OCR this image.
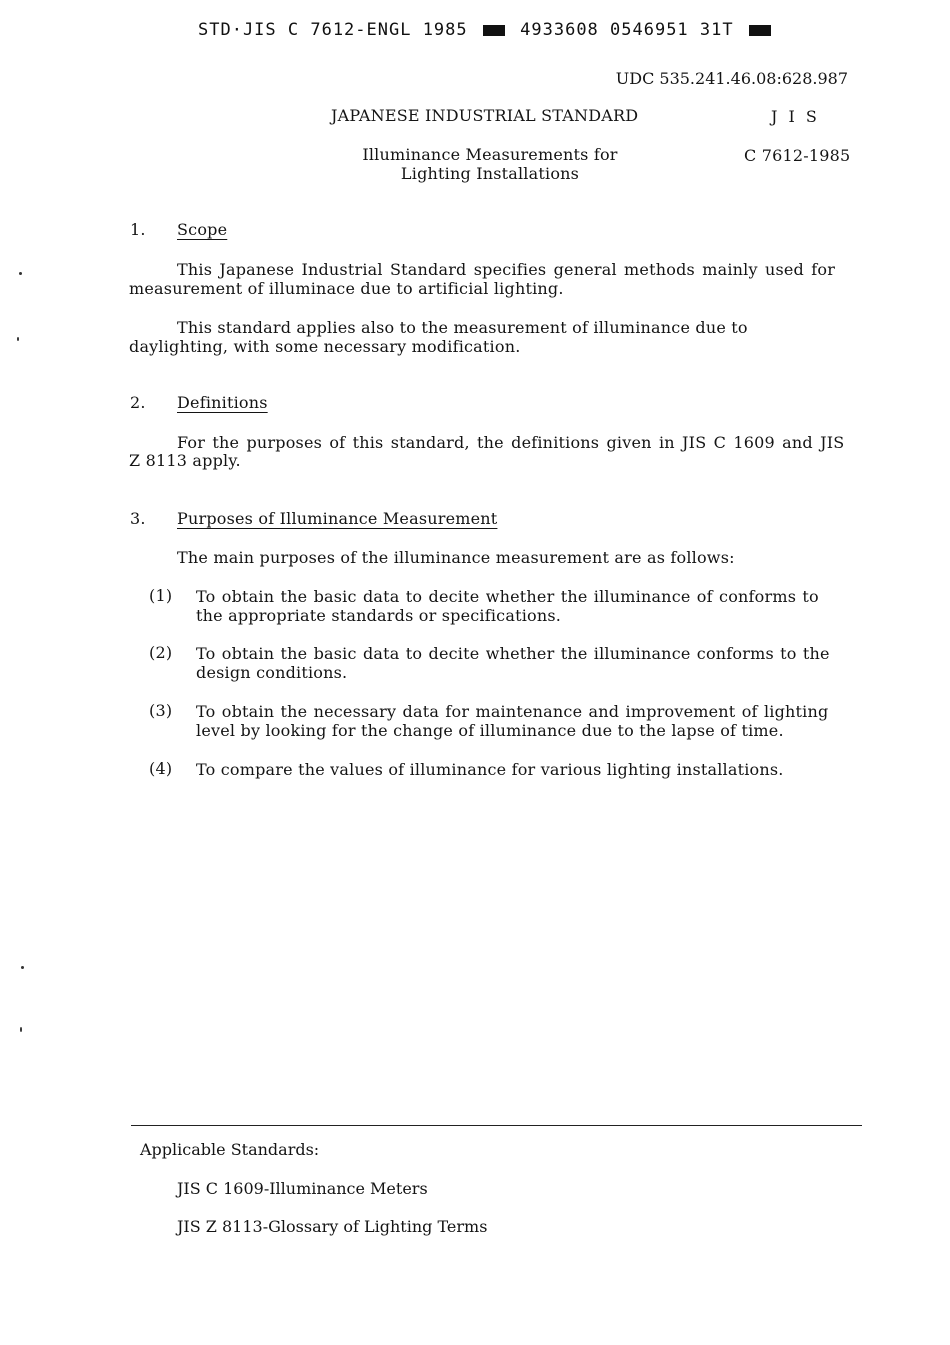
STD·JIS C 7612-ENGL 1985	4933608 0546951 31T
UDC 535.241.46.08:628.987
JAPANESE INDUSTRIAL STANDARD	J I S
Illuminance Measurements for
Lighting Installations
C 7612-1985
1. Scope
This Japanese Industrial Standard specifies general methods mainly used for
measurement of illuminace due to artificial lighting.
This standard applies also to the measurement of illuminance due to
daylighting, with some necessary modification.
2. Definitions
For the purposes of this standard, the definitions given in JIS C 1609 and JIS
Z 8113 apply.
3. Purposes of Illuminance Measurement
The main purposes of the illuminance measurement are as follows:
(1) To obtain the basic data to decite whether the illuminance of conforms to
the appropriate standards or specifications.
(2) To obtain the basic data to decite whether the illuminance conforms to the
design conditions.
(3) To obtain the necessary data for maintenance and improvement of lighting
level by looking for the change of illuminance due to the lapse of time.
(4) To compare the values of illuminance for various lighting installations.
Applicable Standards:
JIS C 1609-Illuminance Meters
JIS Z 8113-Glossary of Lighting Terms
